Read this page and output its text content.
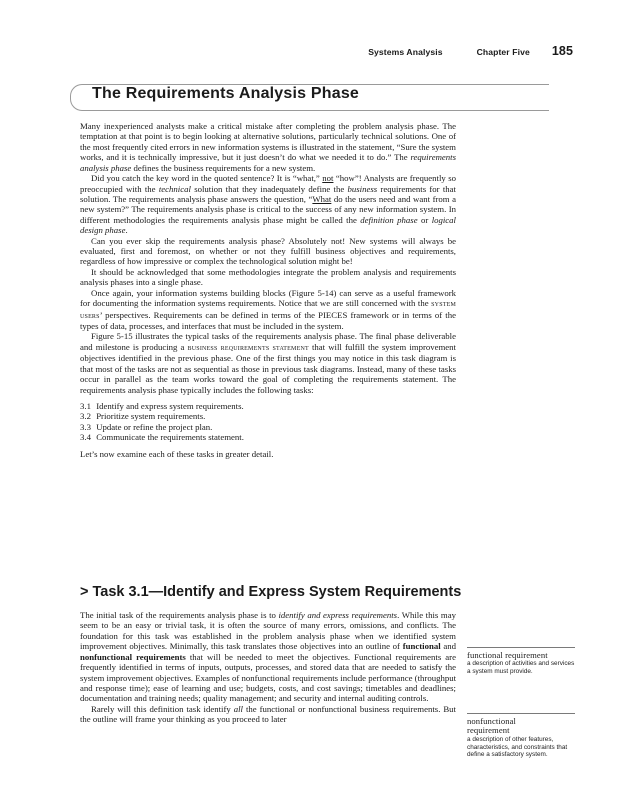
Systems Analysis	Chapter Five 185
The Requirements Analysis Phase

Many inexperienced analysts make a critical mistake after completing the problem analysis phase. The temptation at that point is to begin looking at alternative solutions, particularly technical solutions. One of the most frequently cited errors in new information systems is illustrated in the statement, “Sure the system works, and it is technically impressive, but it just doesn’t do what we needed it to do.” The requirements analysis phase defines the business requirements for a new system.

Did you catch the key word in the quoted sentence? It is “what,” not “how”! Analysts are frequently so preoccupied with the technical solution that they inadequately define the business requirements for that solution. The requirements analysis phase answers the question, “What do the users need and want from a new system?” The requirements analysis phase is critical to the success of any new information system. In different methodologies the requirements analysis phase might be called the definition phase or logical design phase.

Can you ever skip the requirements analysis phase? Absolutely not! New systems will always be evaluated, first and foremost, on whether or not they fulfill business objectives and requirements, regardless of how impressive or complex the technological solution might be!

It should be acknowledged that some methodologies integrate the problem analysis and requirements analysis phases into a single phase.

Once again, your information systems building blocks (Figure 5-14) can serve as a useful framework for documenting the information systems requirements. Notice that we are still concerned with the system users’ perspectives. Requirements can be defined in terms of the PIECES framework or in terms of the types of data, processes, and interfaces that must be included in the system.

Figure 5-15 illustrates the typical tasks of the requirements analysis phase. The final phase deliverable and milestone is producing a business requirements statement that will fulfill the system improvement objectives identified in the previous phase. One of the first things you may notice in this task diagram is that most of the tasks are not as sequential as those in previous task diagrams. Instead, many of these tasks occur in parallel as the team works toward the goal of completing the requirements statement. The requirements analysis phase typically includes the following tasks:

3.1 Identify and express system requirements.
3.2 Prioritize system requirements.
3.3 Update or refine the project plan.
3.4 Communicate the requirements statement.

Let’s now examine each of these tasks in greater detail.

> Task 3.1—Identify and Express System Requirements

The initial task of the requirements analysis phase is to identify and express requirements. While this may seem to be an easy or trivial task, it is often the source of many errors, omissions, and conflicts. The foundation for this task was established in the problem analysis phase when we identified system improvement objectives. Minimally, this task translates those objectives into an outline of functional and nonfunctional requirements that will be needed to meet the objectives. Functional requirements are frequently identified in terms of inputs, outputs, processes, and stored data that are needed to satisfy the system improvement objectives. Examples of nonfunctional requirements include performance (throughput and response time); ease of learning and use; budgets, costs, and cost savings; timetables and deadlines; documentation and training needs; quality management; and security and internal auditing controls.

Rarely will this definition task identify all the functional or nonfunctional business requirements. But the outline will frame your thinking as you proceed to later

functional requirement
a description of activities and services a system must provide.
nonfunctional requirement
a description of other features, characteristics, and constraints that define a satisfactory system.
